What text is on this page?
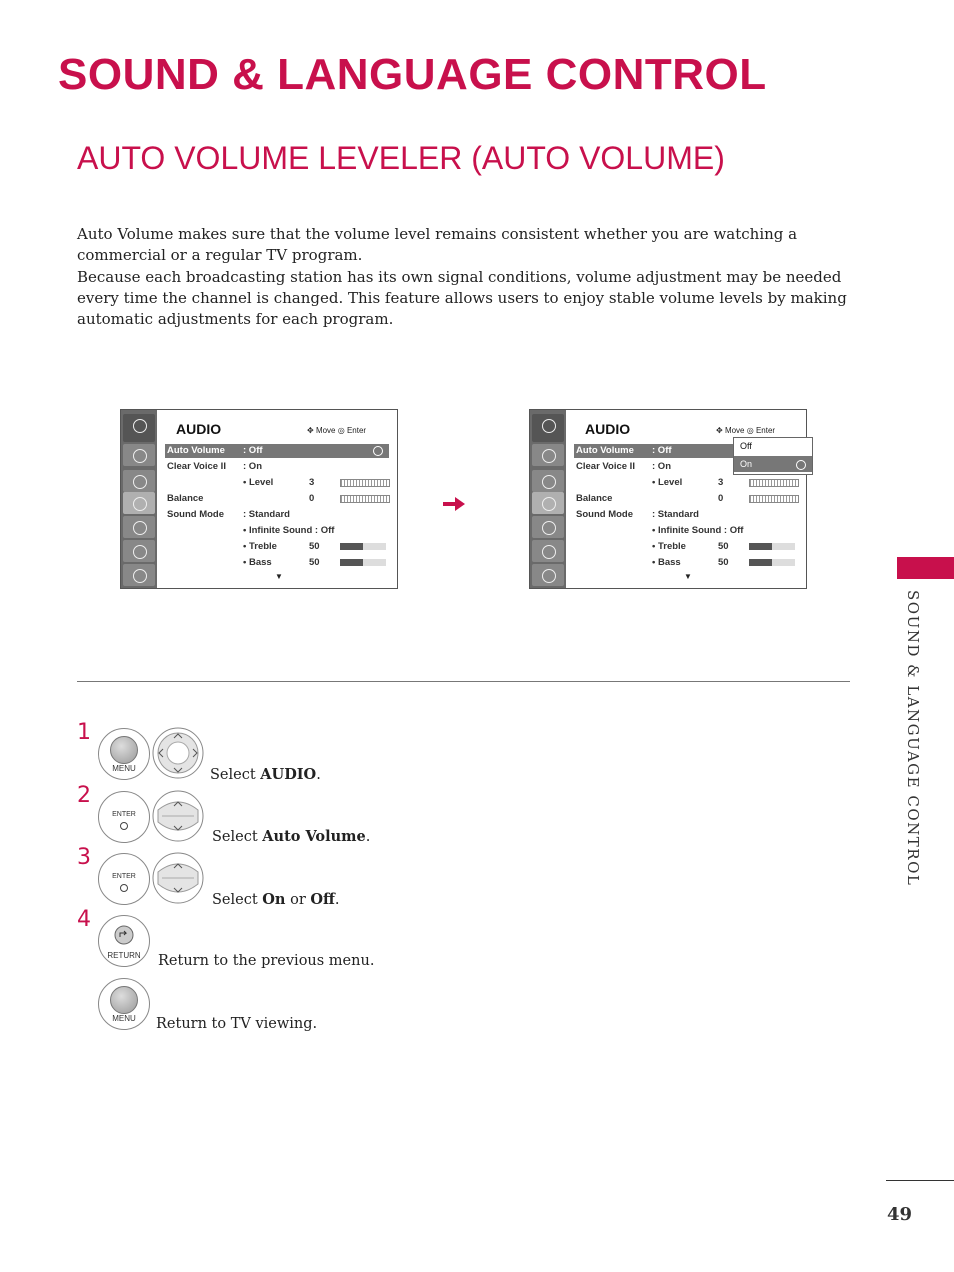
SOUND & LANGUAGE CONTROL
AUTO VOLUME LEVELER (AUTO VOLUME)

Auto Volume makes sure that the volume level remains consistent whether you are watching a commercial or a regular TV program.

Because each broadcasting station has its own signal conditions, volume adjustment may be needed every time the channel is changed. This feature allows users to enjoy stable volume levels by making automatic adjustments for each program.

SOUND & LANGUAGE CONTROL
AUDIO	✥ Move ◎ Enter
Auto Volume : Off
Clear Voice II : On
• Level	3
Balance	0
Sound Mode : Standard
• Infinite Sound : Off
• Treble	50
• Bass	50
▼
AUDIO	✥ Move ◎ Enter
Auto Volume : Off
Clear Voice II : On
• Level	3
Balance	0
Sound Mode : Standard
• Infinite Sound : Off
• Treble	50
• Bass	50
▼
Off
On
1
MENU	Select AUDIO.
2
ENTER
Select Auto Volume.
3
ENTER
Select On or Off.
4
RETURN	Return to the previous menu.
MENU	Return to TV viewing.
49
